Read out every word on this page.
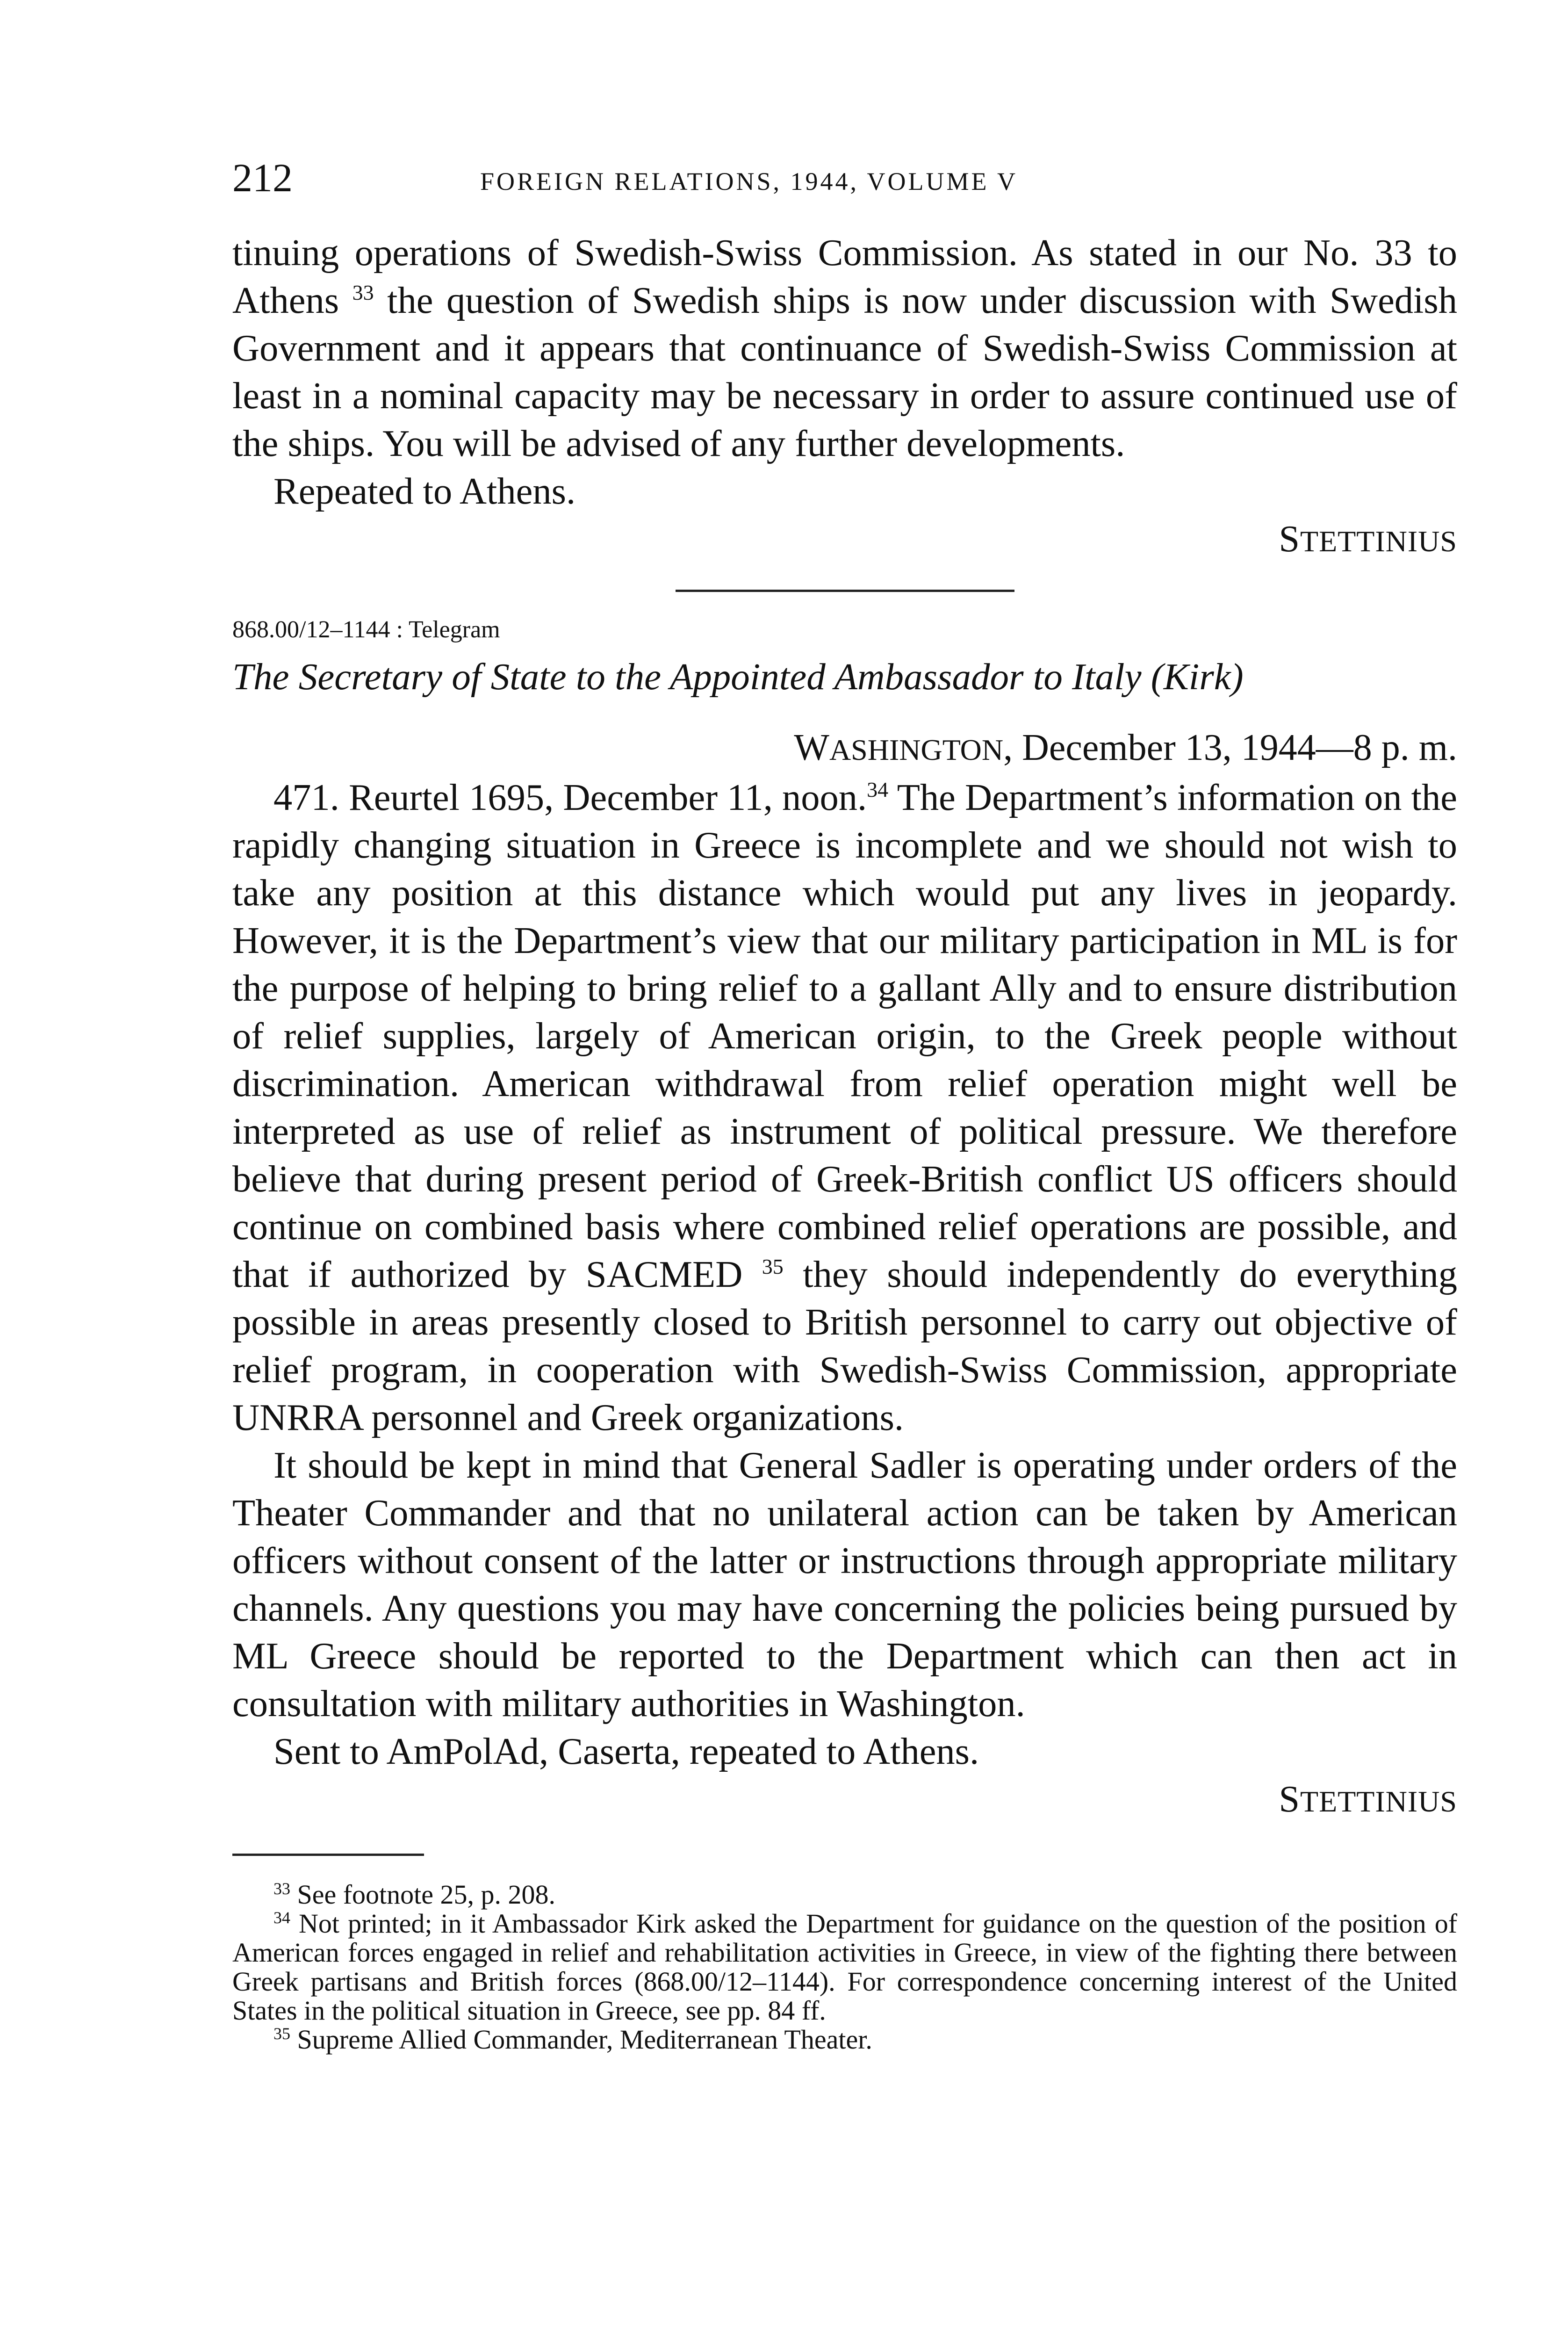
212	FOREIGN RELATIONS, 1944, VOLUME V

tinuing operations of Swedish-Swiss Commission. As stated in our No. 33 to Athens $^{33}$ the question of Swedish ships is now under discussion with Swedish Government and it appears that continuance of Swedish-Swiss Commission at least in a nominal capacity may be necessary in order to assure continued use of the ships. You will be advised of any further developments.

Repeated to Athens.

STETTINIUS

868.00/12–1144 : Telegram

The Secretary of State to the Appointed Ambassador to Italy (Kirk)

WASHINGTON, December 13, 1944—8 p. m.

471. Reurtel 1695, December 11, noon.$^{34}$ The Department’s information on the rapidly changing situation in Greece is incomplete and we should not wish to take any position at this distance which would put any lives in jeopardy. However, it is the Department’s view that our military participation in ML is for the purpose of helping to bring relief to a gallant Ally and to ensure distribution of relief supplies, largely of American origin, to the Greek people without discrimination. American withdrawal from relief operation might well be interpreted as use of relief as instrument of political pressure. We therefore believe that during present period of Greek-British conflict US officers should continue on combined basis where combined relief operations are possible, and that if authorized by SACMED $^{35}$ they should independently do everything possible in areas presently closed to British personnel to carry out objective of relief program, in cooperation with Swedish-Swiss Commission, appropriate UNRRA personnel and Greek organizations.

It should be kept in mind that General Sadler is operating under orders of the Theater Commander and that no unilateral action can be taken by American officers without consent of the latter or instructions through appropriate military channels. Any questions you may have concerning the policies being pursued by ML Greece should be reported to the Department which can then act in consultation with military authorities in Washington.

Sent to AmPolAd, Caserta, repeated to Athens.

STETTINIUS

$^{33}$ See footnote 25, p. 208.

$^{34}$ Not printed; in it Ambassador Kirk asked the Department for guidance on the question of the position of American forces engaged in relief and rehabilitation activities in Greece, in view of the fighting there between Greek partisans and British forces (868.00/12–1144). For correspondence concerning interest of the United States in the political situation in Greece, see pp. 84 ff.

$^{35}$ Supreme Allied Commander, Mediterranean Theater.
